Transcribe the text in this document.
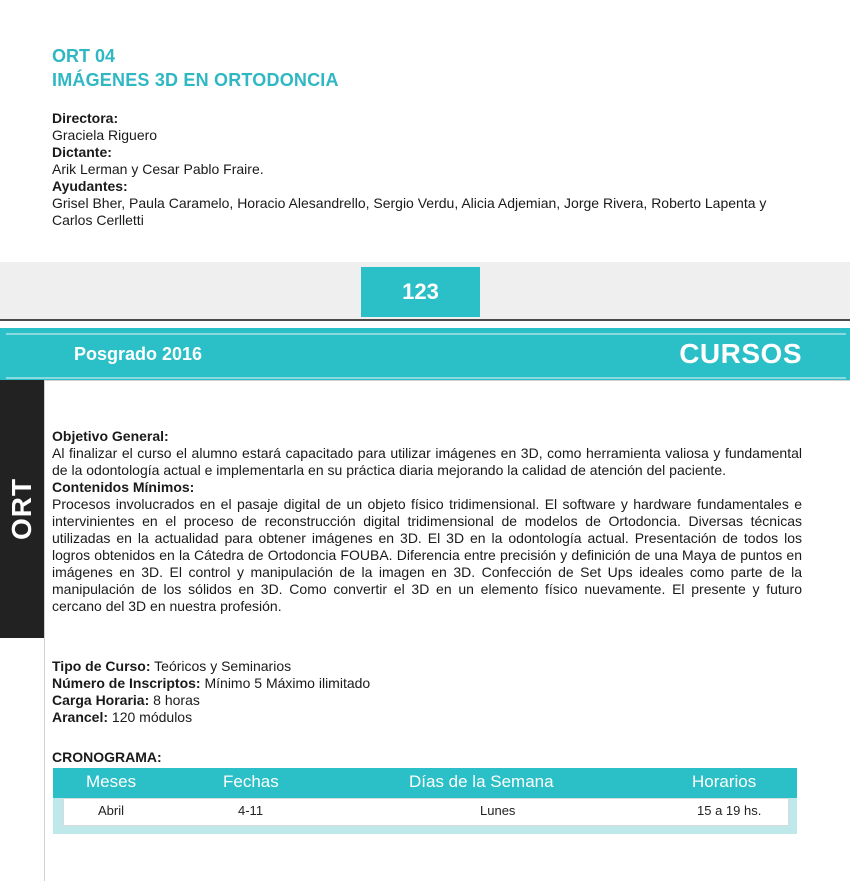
ORT 04
IMÁGENES 3D EN ORTODONCIA
Directora:
Graciela Riguero
Dictante:
Arik Lerman y Cesar Pablo Fraire.
Ayudantes:
Grisel Bher, Paula Caramelo, Horacio Alesandrello, Sergio Verdu, Alicia Adjemian, Jorge Rivera, Roberto Lapenta y
Carlos Cerlletti
123
Posgrado 2016	CURSOS
ORT
Objetivo General:
Al finalizar el curso el alumno estará capacitado para utilizar imágenes en 3D, como herramienta valiosa y fundamental de la odontología actual e implementarla en su práctica diaria mejorando la calidad de atención del paciente.
Contenidos Mínimos:
Procesos involucrados en el pasaje digital de un objeto físico tridimensional. El software y hardware fundamentales e intervinientes en el proceso de reconstrucción digital tridimensional de modelos de Ortodoncia. Diversas técnicas utilizadas en la actualidad para obtener imágenes en 3D. El 3D en la odontología actual. Presentación de todos los logros obtenidos en la Cátedra de Ortodoncia FOUBA. Diferencia entre precisión y definición de una Maya de puntos en imágenes en 3D. El control y manipulación de la imagen en 3D. Confección de Set Ups ideales como parte de la manipulación de los sólidos en 3D. Como convertir el 3D en un elemento físico nuevamente. El presente y futuro cercano del 3D en nuestra profesión.
Tipo de Curso: Teóricos y Seminarios
Número de Inscriptos: Mínimo 5 Máximo ilimitado
Carga Horaria: 8 horas
Arancel: 120 módulos
CRONOGRAMA:
Meses	Fechas	Días de la Semana	Horarios
Abril	4-11	Lunes	15 a 19 hs.
